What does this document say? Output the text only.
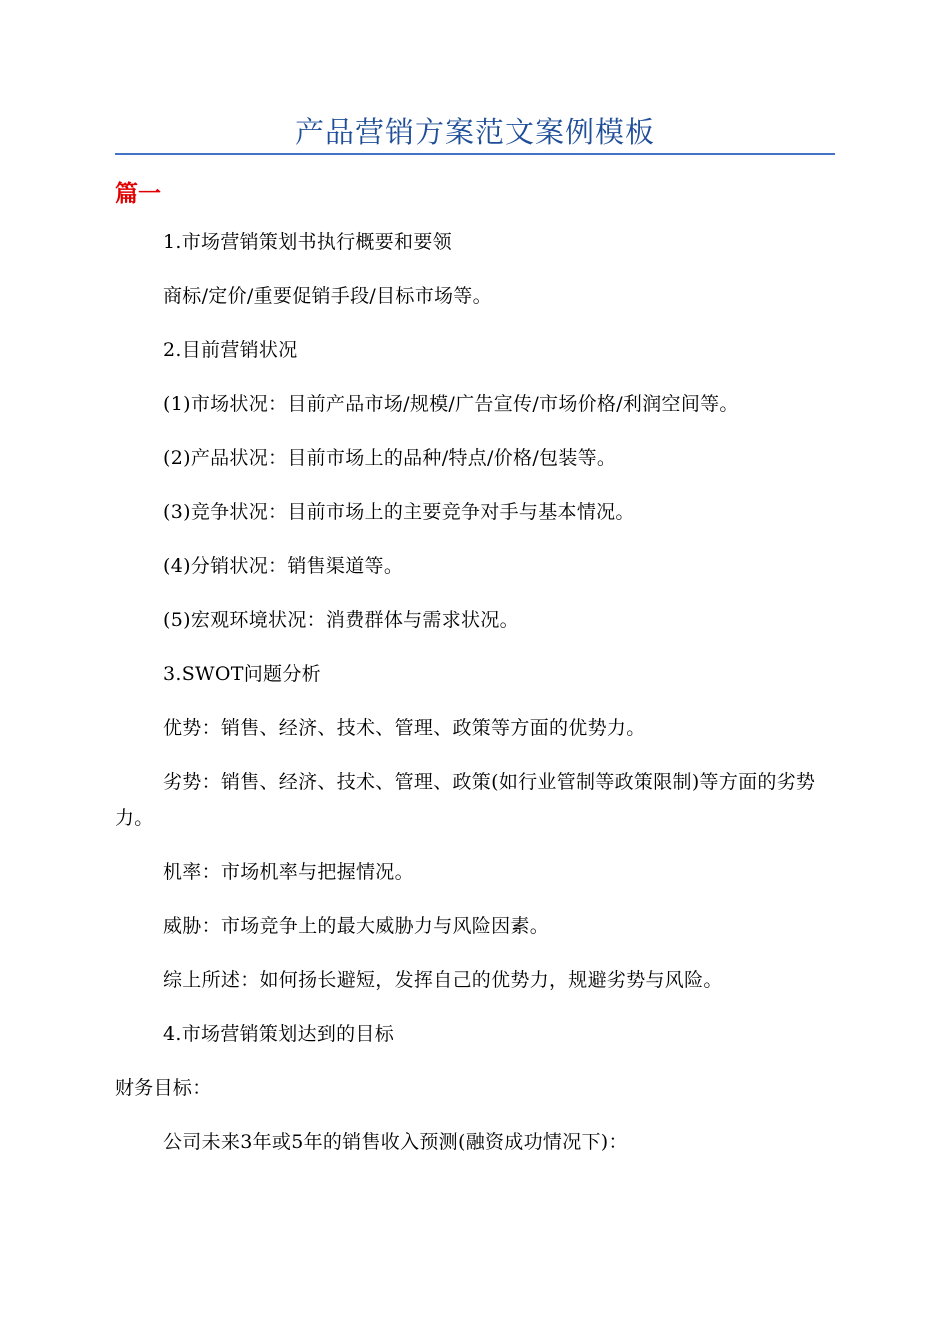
产品营销方案范文案例模板
篇一

1.市场营销策划书执行概要和要领

商标/定价/重要促销手段/目标市场等。

2.目前营销状况

(1)市场状况：目前产品市场/规模/广告宣传/市场价格/利润空间等。

(2)产品状况：目前市场上的品种/特点/价格/包装等。

(3)竞争状况：目前市场上的主要竞争对手与基本情况。

(4)分销状况：销售渠道等。

(5)宏观环境状况：消费群体与需求状况。

3.SWOT问题分析

优势：销售、经济、技术、管理、政策等方面的优势力。

劣势：销售、经济、技术、管理、政策(如行业管制等政策限制)等方面的劣势力。

机率：市场机率与把握情况。

威胁：市场竞争上的最大威胁力与风险因素。

综上所述：如何扬长避短，发挥自己的优势力，规避劣势与风险。

4.市场营销策划达到的目标

财务目标：

公司未来3年或5年的销售收入预测(融资成功情况下)：
